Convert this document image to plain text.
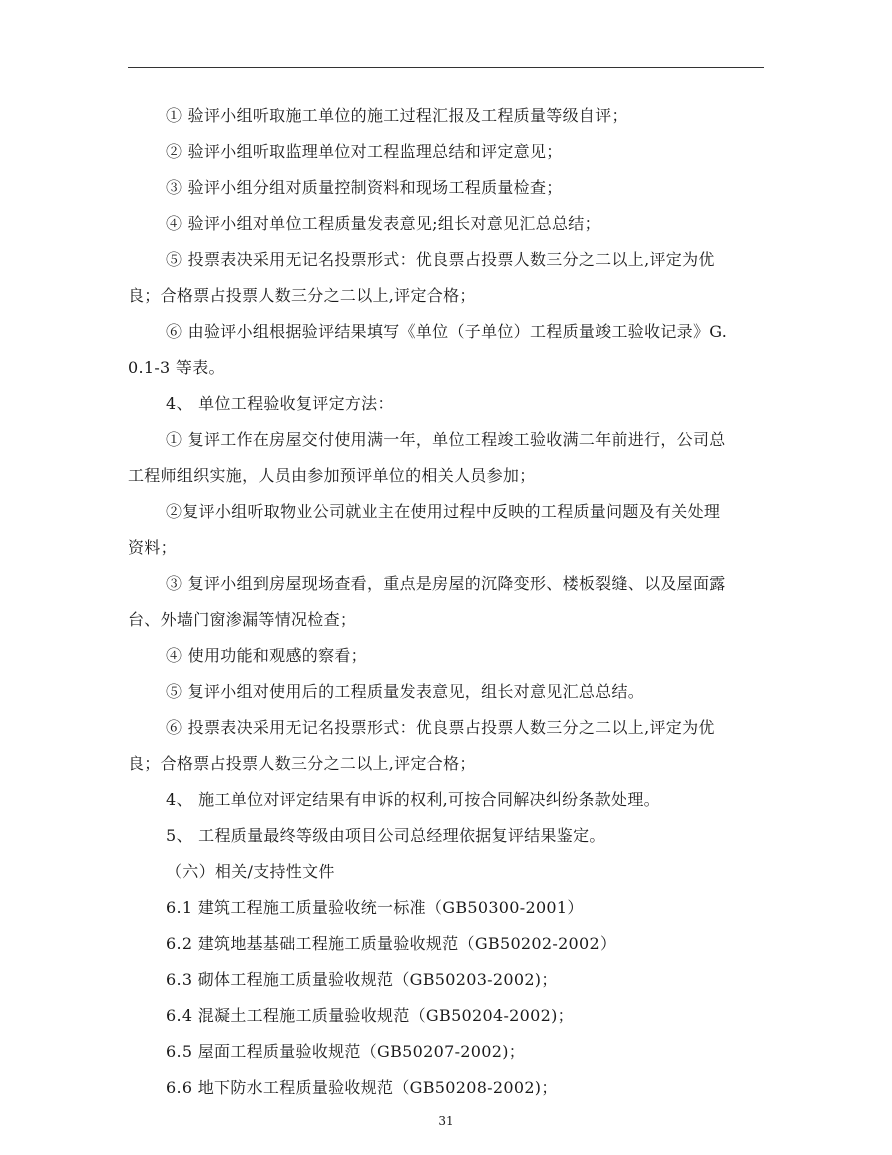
① 验评小组听取施工单位的施工过程汇报及工程质量等级自评；
② 验评小组听取监理单位对工程监理总结和评定意见；
③ 验评小组分组对质量控制资料和现场工程质量检查；
④ 验评小组对单位工程质量发表意见;组长对意见汇总总结；
⑤ 投票表决采用无记名投票形式：优良票占投票人数三分之二以上,评定为优
良；合格票占投票人数三分之二以上,评定合格；
⑥ 由验评小组根据验评结果填写《单位（子单位）工程质量竣工验收记录》G.
0.1-3 等表。
4、 单位工程验收复评定方法：
① 复评工作在房屋交付使用满一年，单位工程竣工验收满二年前进行，公司总
工程师组织实施，人员由参加预评单位的相关人员参加；
②复评小组听取物业公司就业主在使用过程中反映的工程质量问题及有关处理
资料；
③ 复评小组到房屋现场查看，重点是房屋的沉降变形、楼板裂缝、以及屋面露
台、外墙门窗渗漏等情况检查；
④ 使用功能和观感的察看；
⑤ 复评小组对使用后的工程质量发表意见，组长对意见汇总总结。
⑥ 投票表决采用无记名投票形式：优良票占投票人数三分之二以上,评定为优
良；合格票占投票人数三分之二以上,评定合格；
4、 施工单位对评定结果有申诉的权利,可按合同解决纠纷条款处理。
5、 工程质量最终等级由项目公司总经理依据复评结果鉴定。
（六）相关/支持性文件
6.1 建筑工程施工质量验收统一标准（GB50300-2001）
6.2 建筑地基基础工程施工质量验收规范（GB50202-2002）
6.3 砌体工程施工质量验收规范（GB50203-2002)；
6.4 混凝土工程施工质量验收规范（GB50204-2002)；
6.5 屋面工程质量验收规范（GB50207-2002)；
6.6 地下防水工程质量验收规范（GB50208-2002)；
31
